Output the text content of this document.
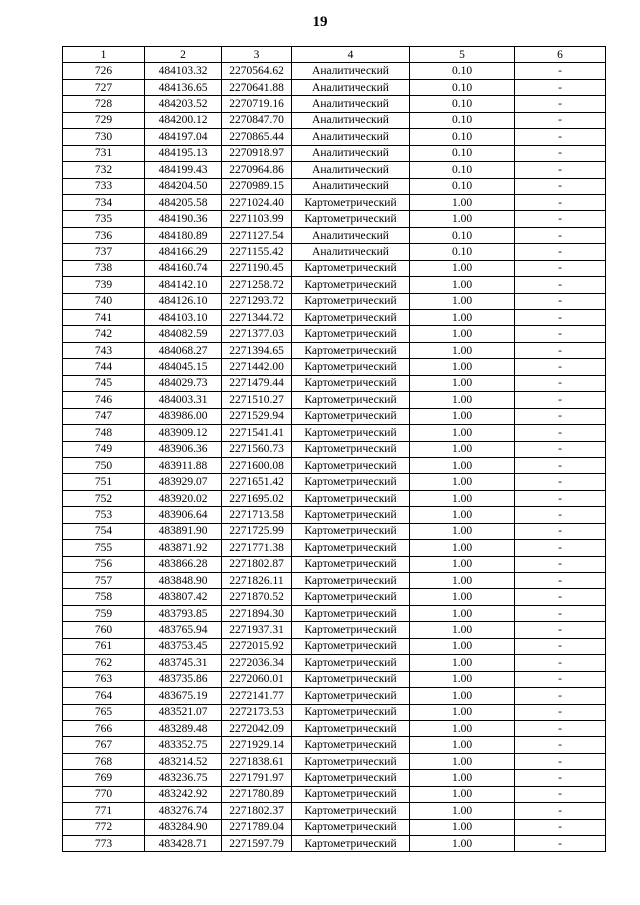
19
1	2	3	4	5	6
726	484103.32	2270564.62	Аналитический	0.10	-
727	484136.65	2270641.88	Аналитический	0.10	-
728	484203.52	2270719.16	Аналитический	0.10	-
729	484200.12	2270847.70	Аналитический	0.10	-
730	484197.04	2270865.44	Аналитический	0.10	-
731	484195.13	2270918.97	Аналитический	0.10	-
732	484199.43	2270964.86	Аналитический	0.10	-
733	484204.50	2270989.15	Аналитический	0.10	-
734	484205.58	2271024.40	Картометрический	1.00	-
735	484190.36	2271103.99	Картометрический	1.00	-
736	484180.89	2271127.54	Аналитический	0.10	-
737	484166.29	2271155.42	Аналитический	0.10	-
738	484160.74	2271190.45	Картометрический	1.00	-
739	484142.10	2271258.72	Картометрический	1.00	-
740	484126.10	2271293.72	Картометрический	1.00	-
741	484103.10	2271344.72	Картометрический	1.00	-
742	484082.59	2271377.03	Картометрический	1.00	-
743	484068.27	2271394.65	Картометрический	1.00	-
744	484045.15	2271442.00	Картометрический	1.00	-
745	484029.73	2271479.44	Картометрический	1.00	-
746	484003.31	2271510.27	Картометрический	1.00	-
747	483986.00	2271529.94	Картометрический	1.00	-
748	483909.12	2271541.41	Картометрический	1.00	-
749	483906.36	2271560.73	Картометрический	1.00	-
750	483911.88	2271600.08	Картометрический	1.00	-
751	483929.07	2271651.42	Картометрический	1.00	-
752	483920.02	2271695.02	Картометрический	1.00	-
753	483906.64	2271713.58	Картометрический	1.00	-
754	483891.90	2271725.99	Картометрический	1.00	-
755	483871.92	2271771.38	Картометрический	1.00	-
756	483866.28	2271802.87	Картометрический	1.00	-
757	483848.90	2271826.11	Картометрический	1.00	-
758	483807.42	2271870.52	Картометрический	1.00	-
759	483793.85	2271894.30	Картометрический	1.00	-
760	483765.94	2271937.31	Картометрический	1.00	-
761	483753.45	2272015.92	Картометрический	1.00	-
762	483745.31	2272036.34	Картометрический	1.00	-
763	483735.86	2272060.01	Картометрический	1.00	-
764	483675.19	2272141.77	Картометрический	1.00	-
765	483521.07	2272173.53	Картометрический	1.00	-
766	483289.48	2272042.09	Картометрический	1.00	-
767	483352.75	2271929.14	Картометрический	1.00	-
768	483214.52	2271838.61	Картометрический	1.00	-
769	483236.75	2271791.97	Картометрический	1.00	-
770	483242.92	2271780.89	Картометрический	1.00	-
771	483276.74	2271802.37	Картометрический	1.00	-
772	483284.90	2271789.04	Картометрический	1.00	-
773	483428.71	2271597.79	Картометрический	1.00	-
